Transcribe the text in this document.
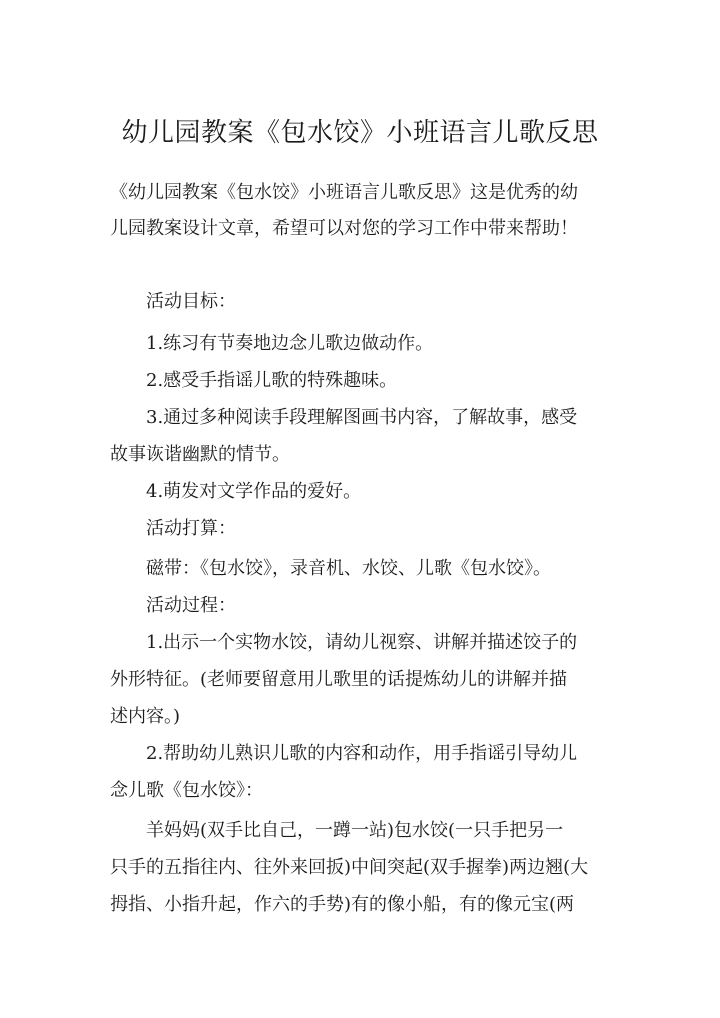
幼儿园教案《包水饺》小班语言儿歌反思
《幼儿园教案《包水饺》小班语言儿歌反思》这是优秀的幼
儿园教案设计文章，希望可以对您的学习工作中带来帮助！
活动目标：
1.练习有节奏地边念儿歌边做动作。
2.感受手指谣儿歌的特殊趣味。
3.通过多种阅读手段理解图画书内容，了解故事，感受
故事诙谐幽默的情节。
4.萌发对文学作品的爱好。
活动打算：
磁带：《包水饺》，录音机、水饺、儿歌《包水饺》。
活动过程：
1.出示一个实物水饺，请幼儿视察、讲解并描述饺子的
外形特征。(老师要留意用儿歌里的话提炼幼儿的讲解并描
述内容。)
2.帮助幼儿熟识儿歌的内容和动作，用手指谣引导幼儿
念儿歌《包水饺》：
羊妈妈(双手比自己，一蹲一站)包水饺(一只手把另一
只手的五指往内、往外来回扳)中间突起(双手握拳)两边翘(大
拇指、小指升起，作六的手势)有的像小船，有的像元宝(两
